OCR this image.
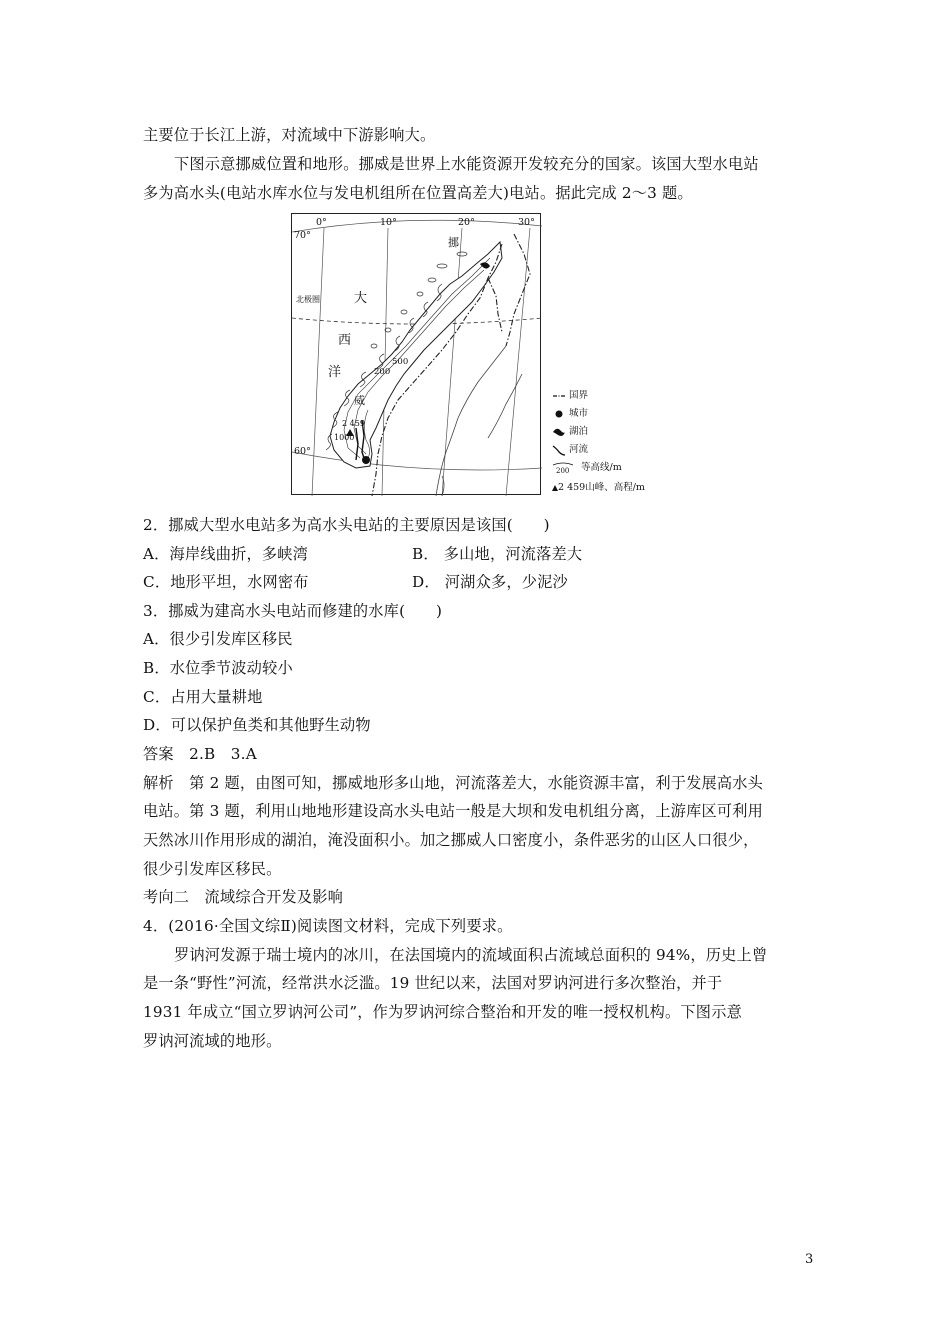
主要位于长江上游，对流域中下游影响大。
下图示意挪威位置和地形。挪威是世界上水能资源开发较充分的国家。该国大型水电站
多为高水头(电站水库水位与发电机组所在位置高差大)电站。据此完成 2～3 题。
0°	10°	20°	30°
70°
60°
北极圈	大
西
洋
挪
威
200
500
1000
2 459
国界
城市
湖泊
河流
200 等高线/m
2 459山峰、高程/m
2．挪威大型水电站多为高水头电站的主要原因是该国(　　)
A．海岸线曲折，多峡湾	B． 多山地，河流落差大
C．地形平坦，水网密布	D． 河湖众多，少泥沙
3．挪威为建高水头电站而修建的水库(　　)
A．很少引发库区移民
B．水位季节波动较小
C．占用大量耕地
D．可以保护鱼类和其他野生动物
答案　2.B　3.A
解析　第 2 题，由图可知，挪威地形多山地，河流落差大，水能资源丰富，利于发展高水头
电站。第 3 题，利用山地地形建设高水头电站一般是大坝和发电机组分离，上游库区可利用
天然冰川作用形成的湖泊，淹没面积小。加之挪威人口密度小，条件恶劣的山区人口很少，
很少引发库区移民。
考向二　流域综合开发及影响
4．(2016·全国文综Ⅱ)阅读图文材料，完成下列要求。
罗讷河发源于瑞士境内的冰川，在法国境内的流域面积占流域总面积的 94%，历史上曾
是一条“野性”河流，经常洪水泛滥。19 世纪以来，法国对罗讷河进行多次整治，并于
1931 年成立“国立罗讷河公司”，作为罗讷河综合整治和开发的唯一授权机构。下图示意
罗讷河流域的地形。
3
